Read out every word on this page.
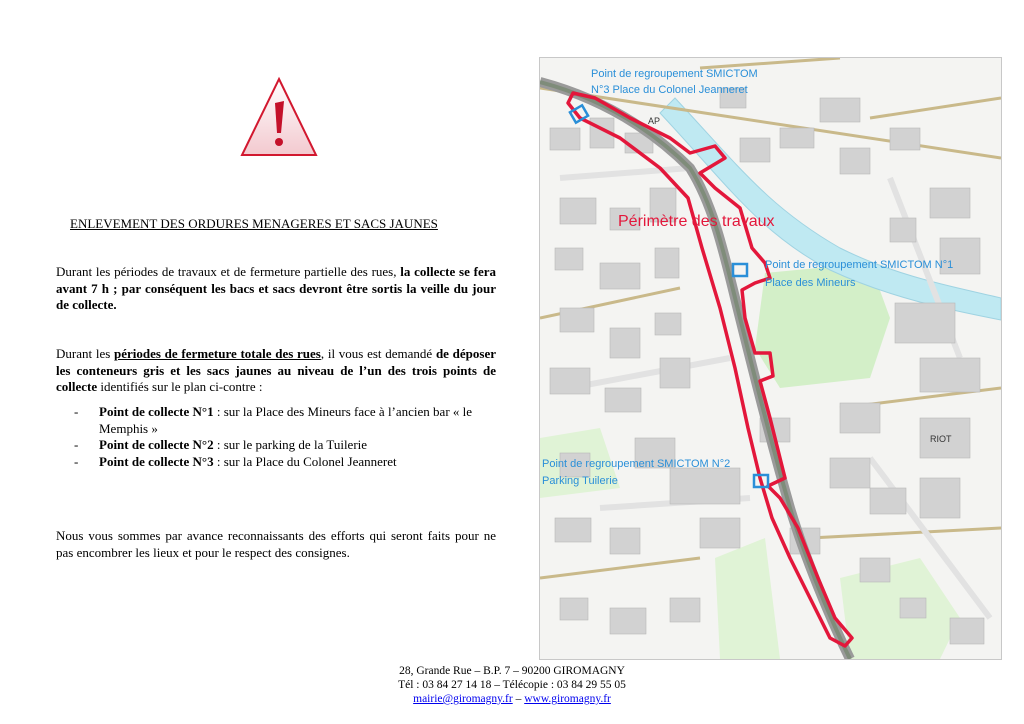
ENLEVEMENT DES ORDURES MENAGERES ET SACS JAUNES

Durant les périodes de travaux et de fermeture partielle des rues, la collecte se fera avant 7 h ; par conséquent les bacs et sacs devront être sortis la veille du jour de collecte.

Durant les périodes de fermeture totale des rues, il vous est demandé de déposer les conteneurs gris et les sacs jaunes au niveau de l’un des trois points de collecte identifiés sur le plan ci-contre :

- Point de collecte N°1 : sur la Place des Mineurs face à l’ancien bar « le Memphis »
- Point de collecte N°2 : sur le parking de la Tuilerie
- Point de collecte N°3 : sur la Place du Colonel Jeanneret

Nous vous sommes par avance reconnaissants des efforts qui seront faits pour ne pas encombrer les lieux et pour le respect des consignes.

AP
RIOT
Périmètre des travaux
Point de regroupement SMICTOM
N°3 Place du Colonel Jeanneret
Point de regroupement SMICTOM N°1
Place des Mineurs
Point de regroupement SMICTOM N°2
Parking Tuilerie
28, Grande Rue – B.P. 7 – 90200 GIROMAGNY
Tél : 03 84 27 14 18 – Télécopie : 03 84 29 55 05
mairie@giromagny.fr – www.giromagny.fr
